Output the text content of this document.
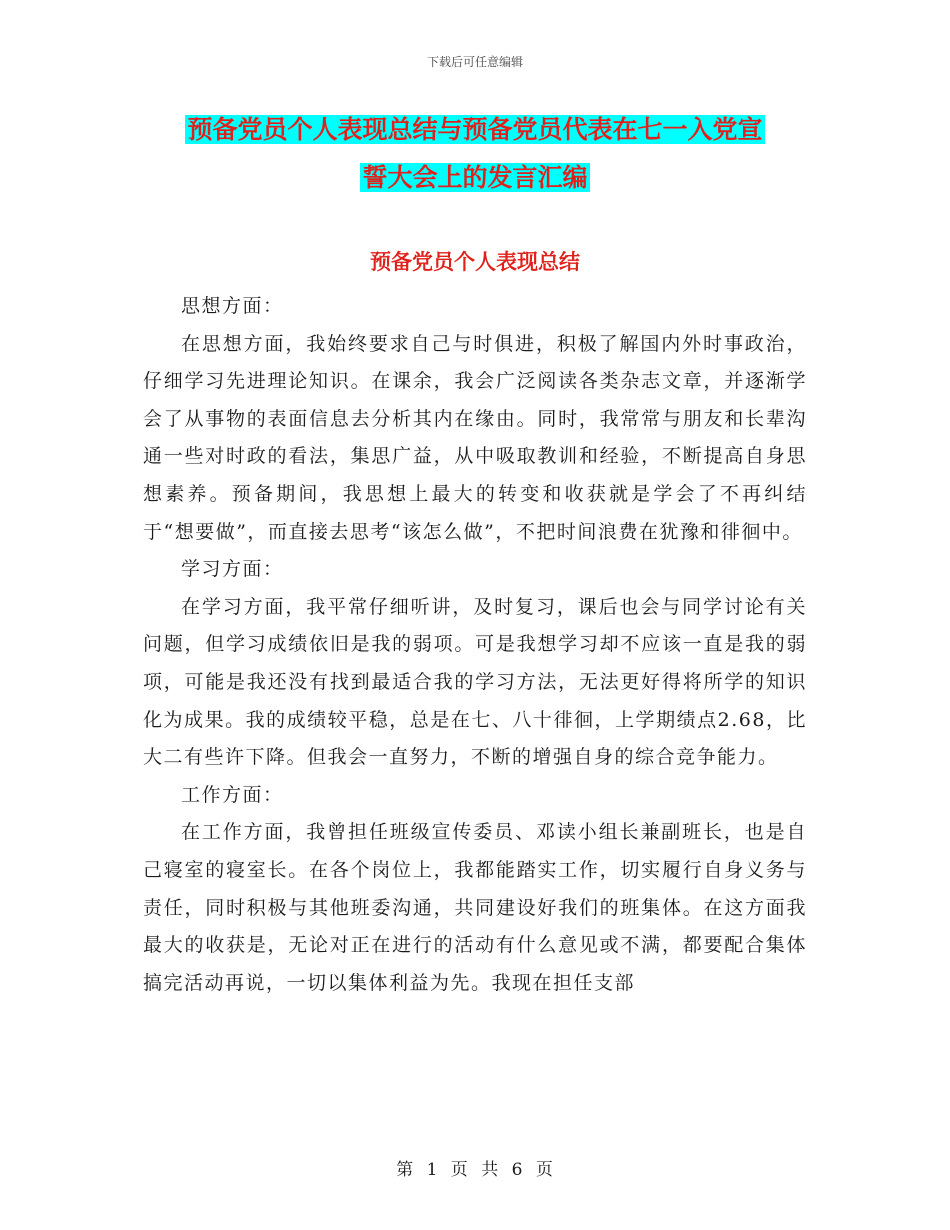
下载后可任意编辑
预备党员个人表现总结与预备党员代表在七一入党宣
誓大会上的发言汇编
预备党员个人表现总结

思想方面：

在思想方面，我始终要求自己与时俱进，积极了解国内外时事政治，仔细学习先进理论知识。在课余，我会广泛阅读各类杂志文章，并逐渐学会了从事物的表面信息去分析其内在缘由。同时，我常常与朋友和长辈沟通一些对时政的看法，集思广益，从中吸取教训和经验，不断提高自身思想素养。预备期间，我思想上最大的转变和收获就是学会了不再纠结于“想要做”，而直接去思考“该怎么做”，不把时间浪费在犹豫和徘徊中。

学习方面：

在学习方面，我平常仔细听讲，及时复习，课后也会与同学讨论有关问题，但学习成绩依旧是我的弱项。可是我想学习却不应该一直是我的弱项，可能是我还没有找到最适合我的学习方法，无法更好得将所学的知识化为成果。我的成绩较平稳，总是在七、八十徘徊，上学期绩点2.68，比大二有些许下降。但我会一直努力，不断的增强自身的综合竞争能力。

工作方面：

在工作方面，我曾担任班级宣传委员、邓读小组长兼副班长，也是自己寝室的寝室长。在各个岗位上，我都能踏实工作，切实履行自身义务与责任，同时积极与其他班委沟通，共同建设好我们的班集体。在这方面我最大的收获是，无论对正在进行的活动有什么意见或不满，都要配合集体搞完活动再说，一切以集体利益为先。我现在担任支部

第 1 页 共 6 页
